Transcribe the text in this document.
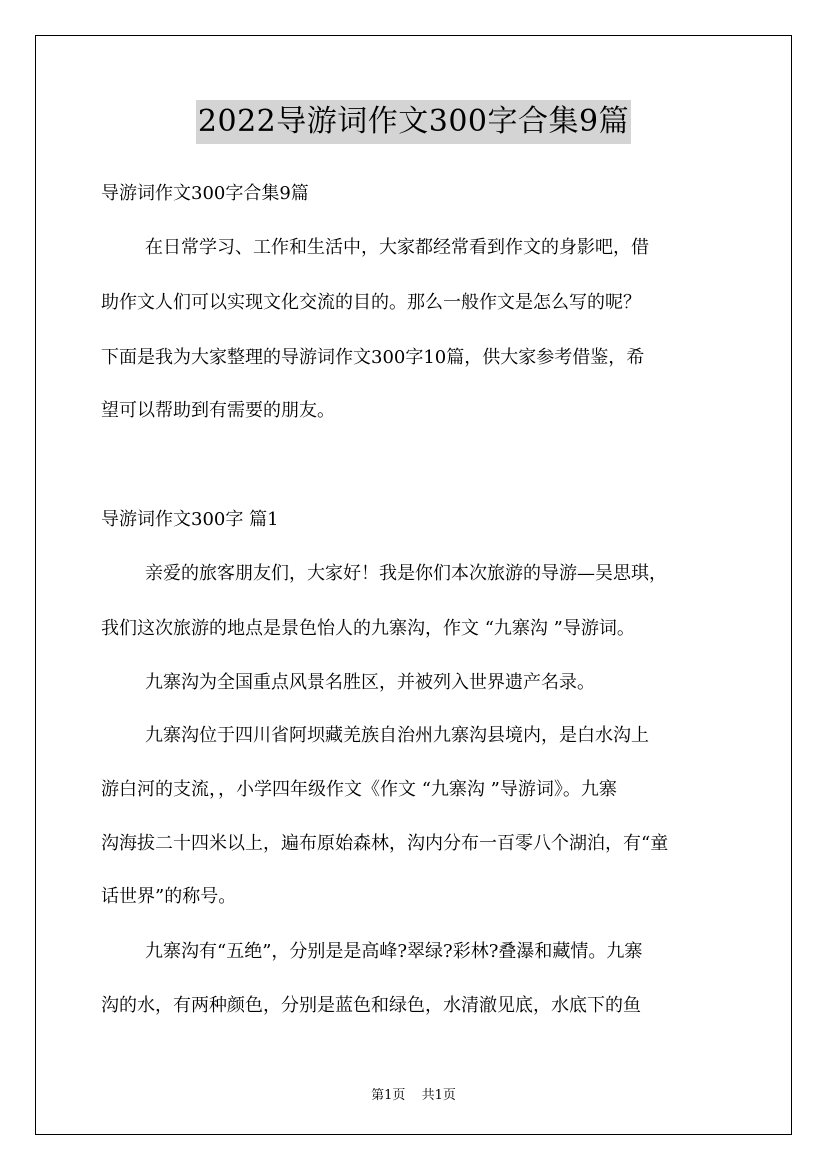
2022导游词作文300字合集9篇
导游词作文300字合集9篇
在日常学习、工作和生活中，大家都经常看到作文的身影吧，借
助作文人们可以实现文化交流的目的。那么一般作文是怎么写的呢？
下面是我为大家整理的导游词作文300字10篇，供大家参考借鉴，希
望可以帮助到有需要的朋友。
导游词作文300字 篇1
亲爱的旅客朋友们，大家好！我是你们本次旅游的导游—吴思琪，
我们这次旅游的地点是景色怡人的九寨沟，作文 “九寨沟 ”导游词。
九寨沟为全国重点风景名胜区，并被列入世界遗产名录。
九寨沟位于四川省阿坝藏羌族自治州九寨沟县境内，是白水沟上
游白河的支流，，小学四年级作文《作文 “九寨沟 ”导游词》。九寨
沟海拔二十四米以上，遍布原始森林，沟内分布一百零八个湖泊，有“童
话世界”的称号。
九寨沟有“五绝”，分别是是高峰?翠绿?彩林?叠瀑和藏情。九寨
沟的水，有两种颜色，分别是蓝色和绿色，水清澈见底，水底下的鱼
第1页 共1页
